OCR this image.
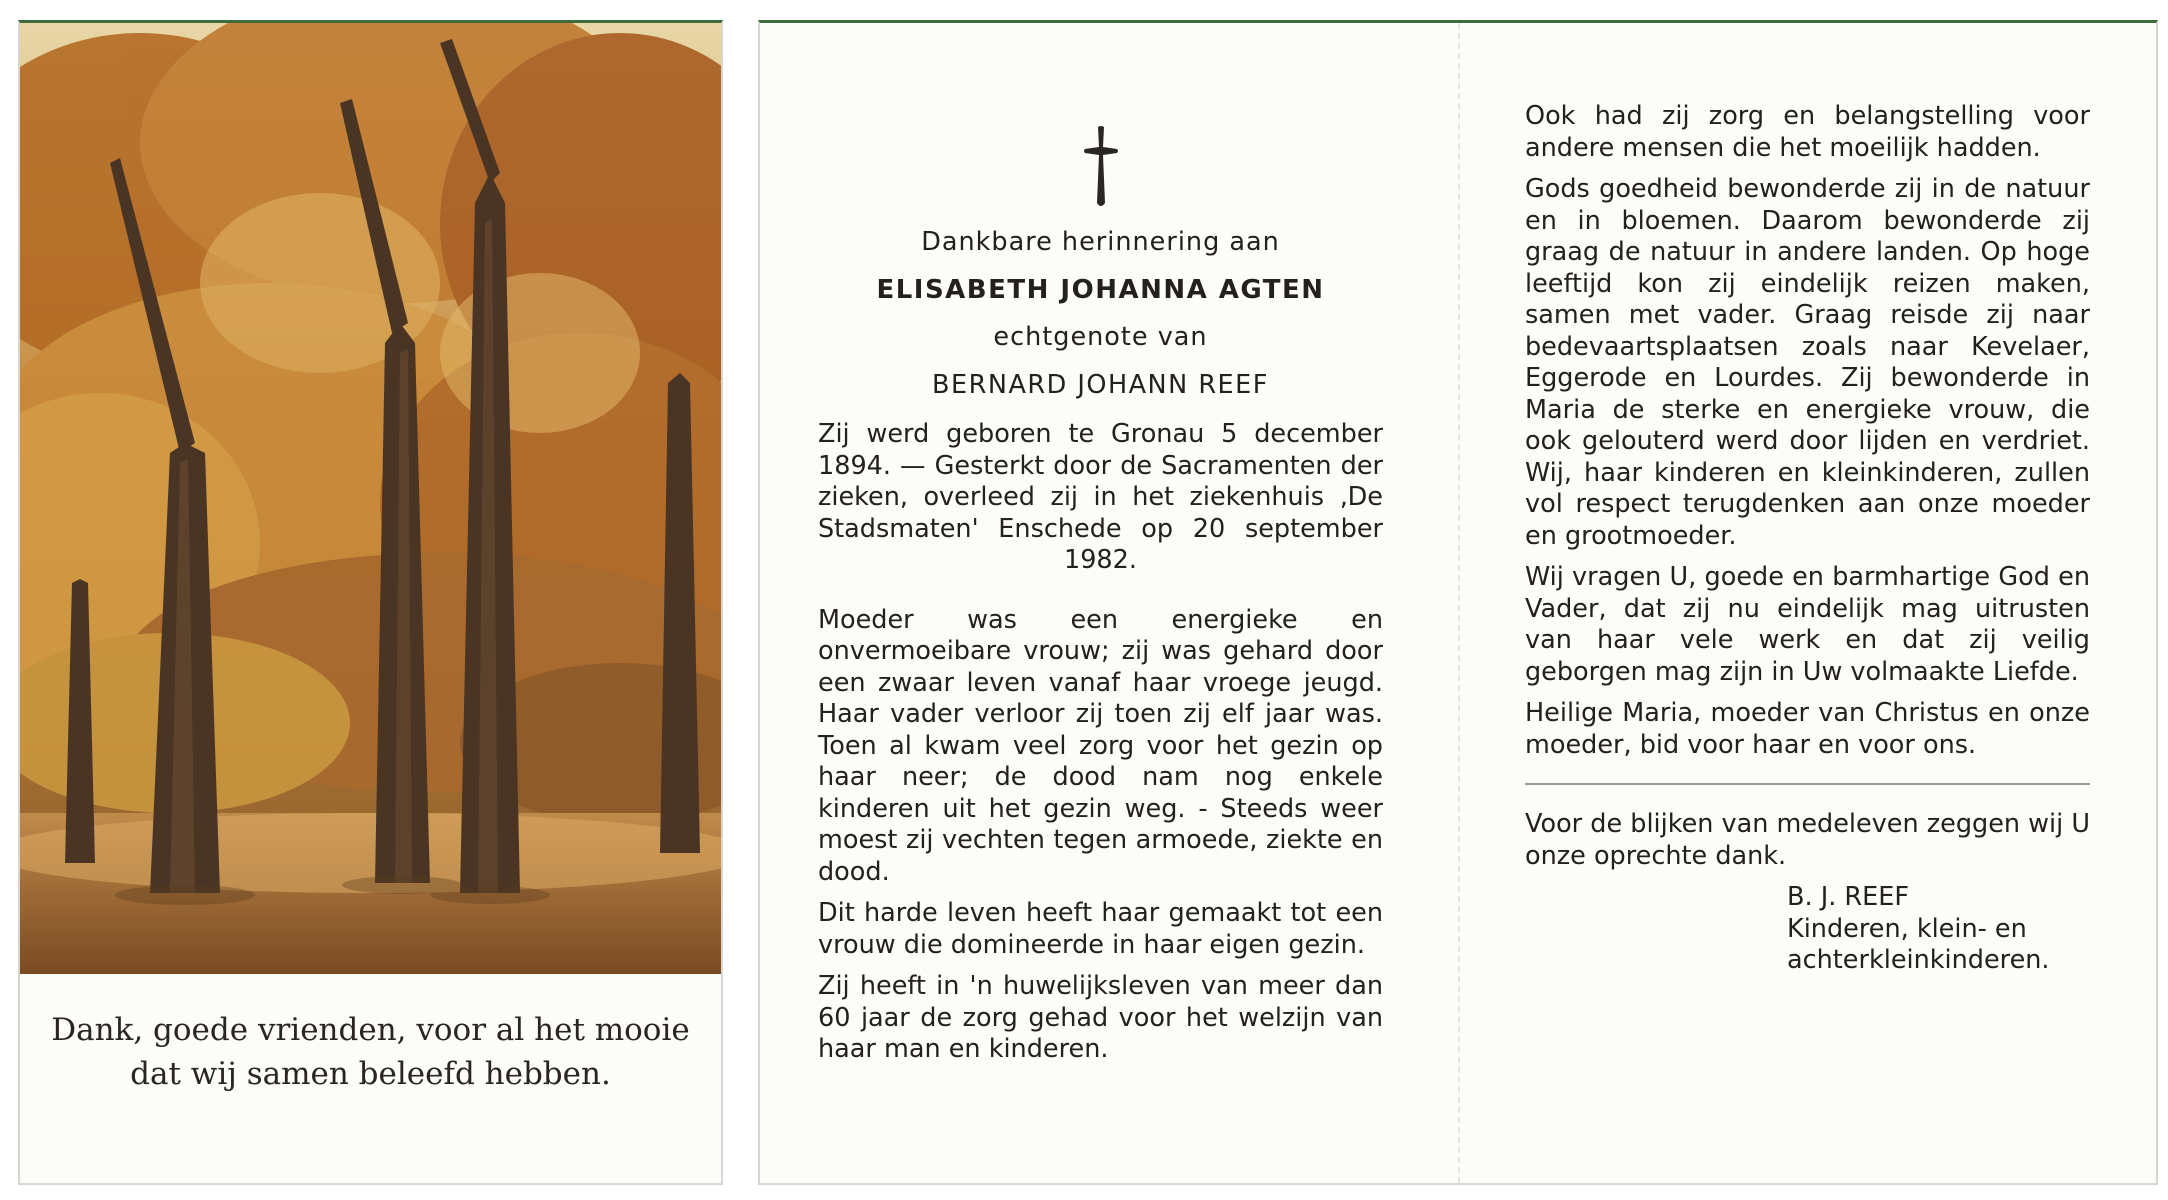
Dank, goede vrienden, voor al het mooie
dat wij samen beleefd hebben.
Dankbare herinnering aan
ELISABETH JOHANNA AGTEN
echtgenote van
BERNARD JOHANN REEF
Zij werd geboren te Gronau 5 december 1894. — Gesterkt door de Sacramenten der zieken, overleed zij in het ziekenhuis ‚De Stadsmaten' Enschede op 20 september 1982.
Moeder was een energieke en onvermoeibare vrouw; zij was gehard door een zwaar leven vanaf haar vroege jeugd. Haar vader verloor zij toen zij elf jaar was. Toen al kwam veel zorg voor het gezin op haar neer; de dood nam nog enkele kinderen uit het gezin weg. - Steeds weer moest zij vechten tegen armoede, ziekte en dood.
Dit harde leven heeft haar gemaakt tot een vrouw die domineerde in haar eigen gezin.
Zij heeft in 'n huwelijksleven van meer dan 60 jaar de zorg gehad voor het welzijn van haar man en kinderen.
Ook had zij zorg en belangstelling voor andere mensen die het moeilijk hadden.
Gods goedheid bewonderde zij in de natuur en in bloemen. Daarom bewonderde zij graag de natuur in andere landen. Op hoge leeftijd kon zij eindelijk reizen maken, samen met vader. Graag reisde zij naar bedevaartsplaatsen zoals naar Kevelaer, Eggerode en Lourdes. Zij bewonderde in Maria de sterke en energieke vrouw, die ook gelouterd werd door lijden en verdriet. Wij, haar kinderen en kleinkinderen, zullen vol respect terugdenken aan onze moeder en grootmoeder.
Wij vragen U, goede en barmhartige God en Vader, dat zij nu eindelijk mag uitrusten van haar vele werk en dat zij veilig geborgen mag zijn in Uw volmaakte Liefde.
Heilige Maria, moeder van Christus en onze moeder, bid voor haar en voor ons.
Voor de blijken van medeleven zeggen wij U onze oprechte dank.
B. J. REEF
Kinderen, klein- en achterkleinkinderen.
